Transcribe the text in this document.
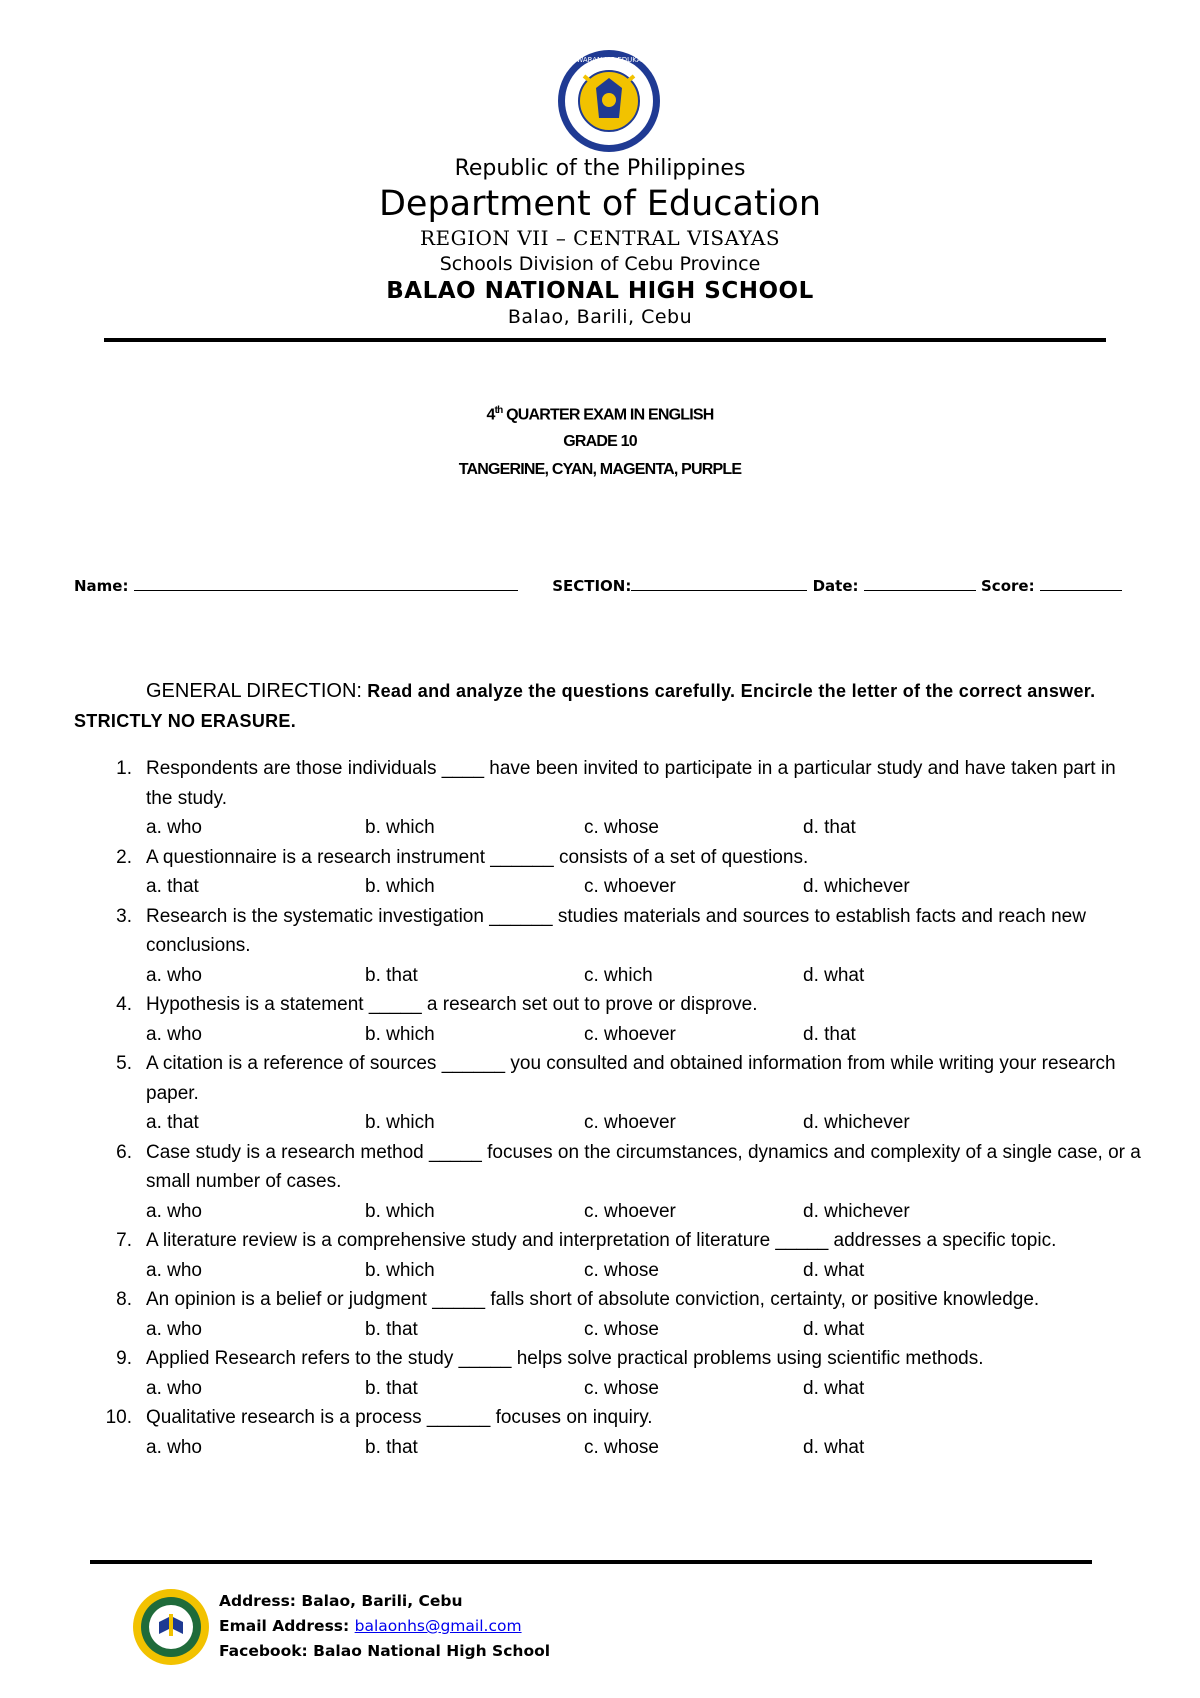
KAGAWARAN NG EDUKASYON
Republic of the Philippines
Department of Education
REGION VII – CENTRAL VISAYAS
Schools Division of Cebu Province
BALAO NATIONAL HIGH SCHOOL
Balao, Barili, Cebu
4th QUARTER EXAM IN ENGLISH
GRADE 10
TANGERINE, CYAN, MAGENTA, PURPLE
Name:	SECTION:	Date:	Score:
GENERAL DIRECTION: Read and analyze the questions carefully. Encircle the letter of the correct answer. STRICTLY NO ERASURE.
1. Respondents are those individuals ____ have been invited to participate in a particular study and have taken part in the study.
a. who	b. which	c. whose	d. that
2. A questionnaire is a research instrument ______ consists of a set of questions.
a. that	b. which	c. whoever	d. whichever
3. Research is the systematic investigation ______ studies materials and sources to establish facts and reach new conclusions.
a. who	b. that	c. which	d. what
4. Hypothesis is a statement _____ a research set out to prove or disprove.
a. who	b. which	c. whoever	d. that
5. A citation is a reference of sources ______ you consulted and obtained information from while writing your research paper.
a. that	b. which	c. whoever	d. whichever
6. Case study is a research method _____ focuses on the circumstances, dynamics and complexity of a single case, or a small number of cases.
a. who	b. which	c. whoever	d. whichever
7. A literature review is a comprehensive study and interpretation of literature _____ addresses a specific topic.
a. who	b. which	c. whose	d. what
8. An opinion is a belief or judgment _____ falls short of absolute conviction, certainty, or positive knowledge.
a. who	b. that	c. whose	d. what
9. Applied Research refers to the study _____ helps solve practical problems using scientific methods.
a. who	b. that	c. whose	d. what
10. Qualitative research is a process ______ focuses on inquiry.
a. who	b. that	c. whose	d. what
Address: Balao, Barili, Cebu
Email Address: balaonhs@gmail.com
Facebook: Balao National High School
